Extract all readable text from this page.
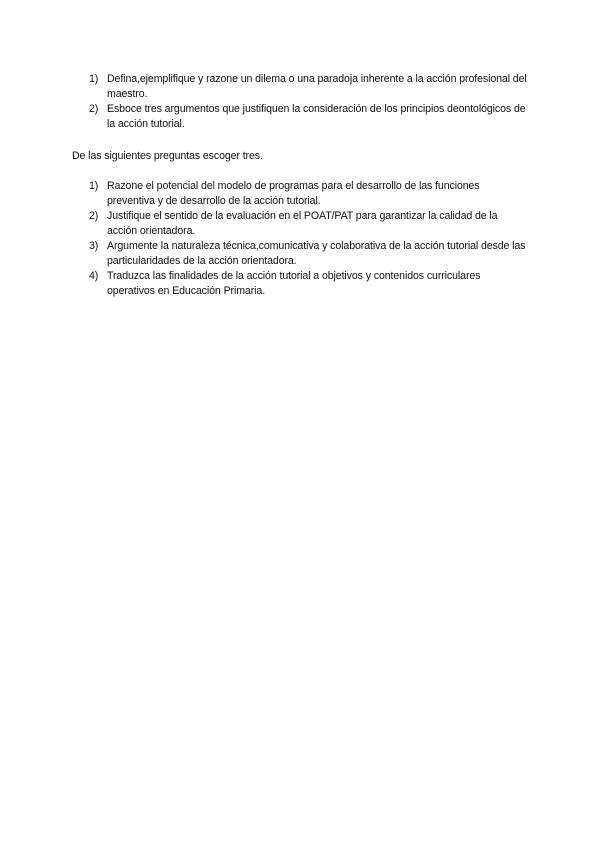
1) Defina,ejemplifique y razone un dilema o una paradoja inherente a la acción profesional del maestro.
2) Esboce tres argumentos que justifiquen la consideración de los principios deontológicos de la acción tutorial.

De las siguientes preguntas escoger tres.

1) Razone el potencial del modelo de programas para el desarrollo de las funciones preventiva y de desarrollo de la acción tutorial.
2) Justifique el sentido de la evaluación en el POAT/PAT para garantizar la calidad de la acción orientadora.
3) Argumente la naturaleza técnica,comunicativa y colaborativa de la acción tutorial desde las particularidades de la acción orientadora.
4) Traduzca las finalidades de la acción tutorial a objetivos y contenidos curriculares operativos en Educación Primaria.
